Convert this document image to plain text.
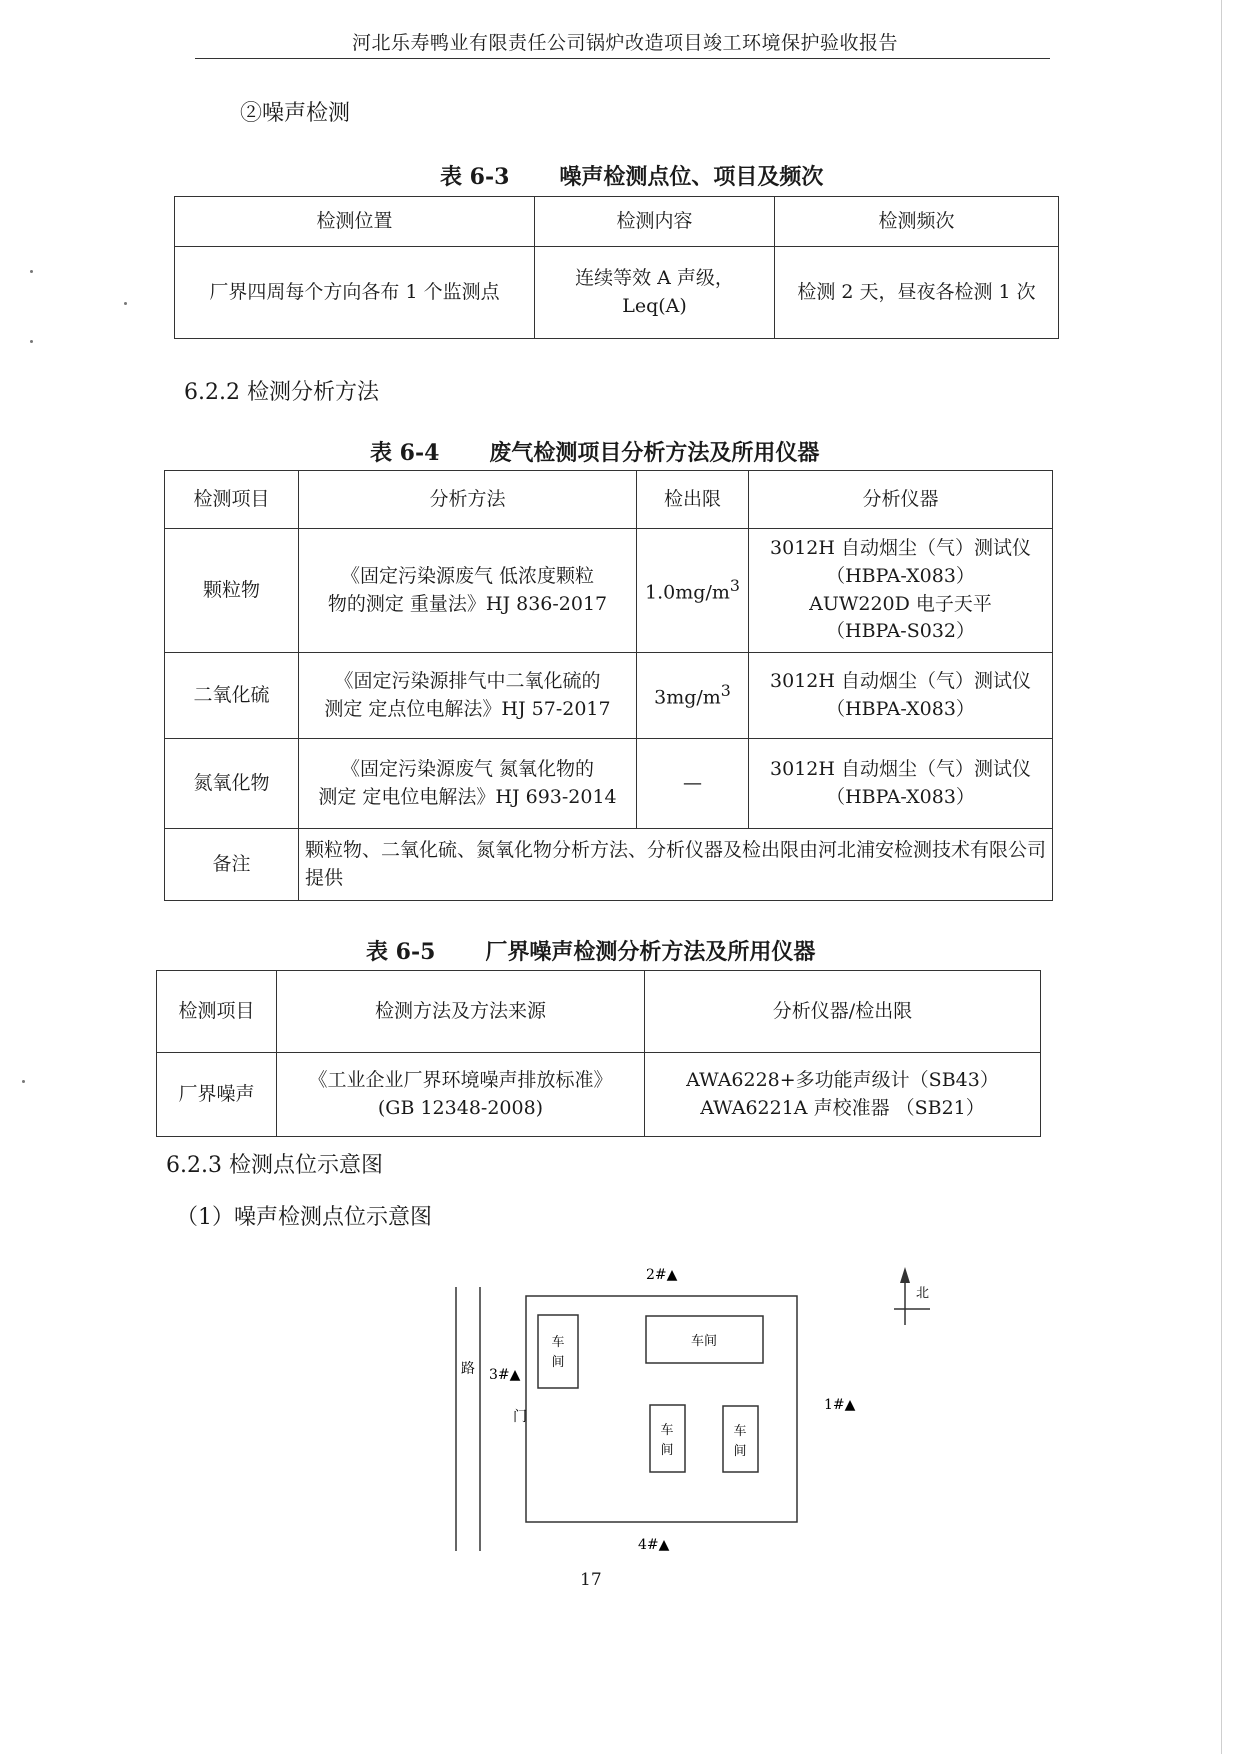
河北乐寿鸭业有限责任公司锅炉改造项目竣工环境保护验收报告
②噪声检测
表 6-3 噪声检测点位、项目及频次
检测位置	检测内容	检测频次
厂界四周每个方向各布 1 个监测点	连续等效 A 声级，
Leq(A)	检测 2 天，昼夜各检测 1 次
6.2.2 检测分析方法
表 6-4 废气检测项目分析方法及所用仪器
检测项目	分析方法	检出限	分析仪器
颗粒物	《固定污染源废气 低浓度颗粒
物的测定 重量法》HJ 836-2017	$1.0mg/m^3$	3012H 自动烟尘（气）测试仪
（HBPA-X083）
AUW220D 电子天平
（HBPA-S032）

二氧化硫	《固定污染源排气中二氧化硫的
测定 定点位电解法》HJ 57-2017	$3mg/m^3$	3012H 自动烟尘（气）测试仪
（HBPA-X083）

氮氧化物	《固定污染源废气 氮氧化物的
测定 定电位电解法》HJ 693-2014	—	3012H 自动烟尘（气）测试仪
（HBPA-X083）

备注	颗粒物、二氧化硫、氮氧化物分析方法、分析仪器及检出限由河北浦安检测技术有限公司提供		
表 6-5 厂界噪声检测分析方法及所用仪器
检测项目	检测方法及方法来源	分析仪器/检出限
厂界噪声	《工业企业厂界环境噪声排放标准》
(GB 12348-2008)	AWA6228+多功能声级计（SB43）
AWA6221A 声校准器 （SB21）
6.2.3 检测点位示意图
（1）噪声检测点位示意图
路
车
间
车间
车
间
车
间
门
1#▲
2#▲
3#▲
4#▲
北
17
